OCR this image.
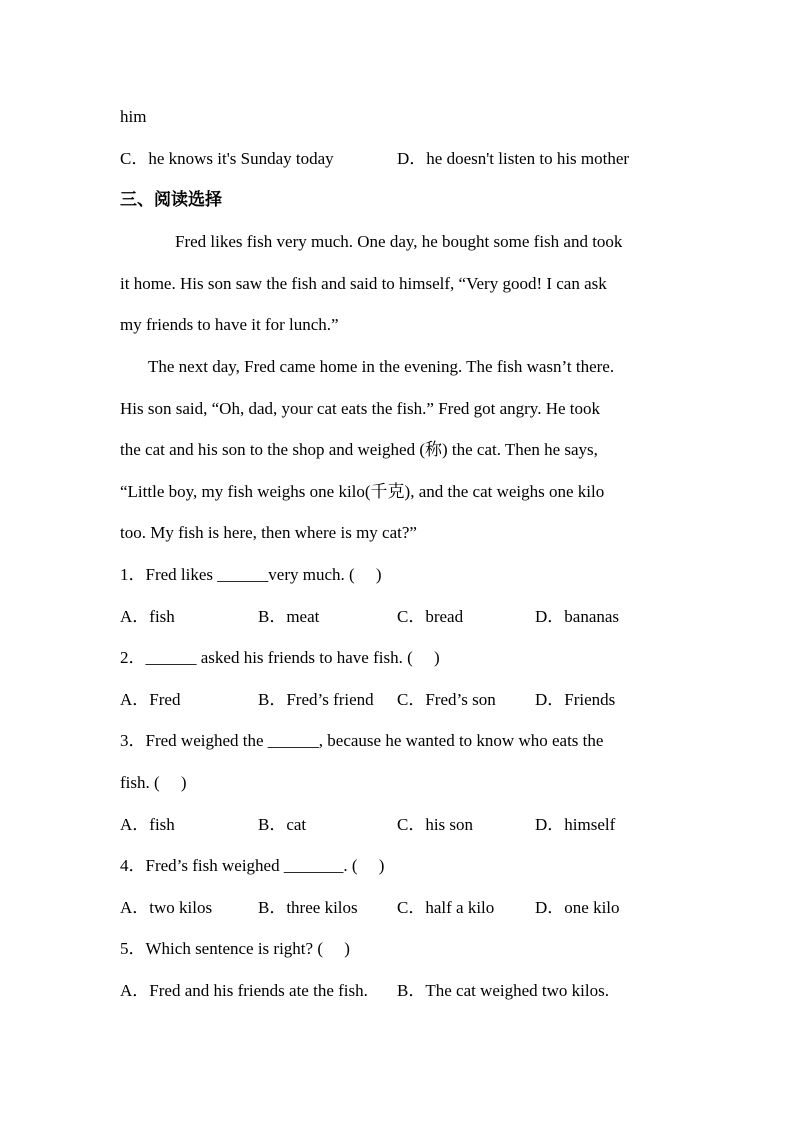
him
C．he knows it's Sunday today	D．he doesn't listen to his mother
三、阅读选择
Fred likes fish very much. One day, he bought some fish and took
it home. His son saw the fish and said to himself, “Very good! I can ask
my friends to have it for lunch.”
The next day, Fred came home in the evening. The fish wasn’t there.
His son said, “Oh, dad, your cat eats the fish.” Fred got angry. He took
the cat and his son to the shop and weighed (称) the cat. Then he says,
“Little boy, my fish weighs one kilo(千克), and the cat weighs one kilo
too. My fish is here, then where is my cat?”
1．Fred likes ______very much. (　 )
A．fish	B．meat	C．bread	D．bananas
2．______ asked his friends to have fish. (　 )
A．Fred	B．Fred’s friend C．Fred’s son D．Friends
3．Fred weighed the ______, because he wanted to know who eats the
fish. (　 )
A．fish	B．cat	C．his son	D．himself
4．Fred’s fish weighed _______. (　 )
A．two kilos	B．three kilos C．half a kilo D．one kilo
5．Which sentence is right? (　 )
A．Fred and his friends ate the fish. B．The cat weighed two kilos.
